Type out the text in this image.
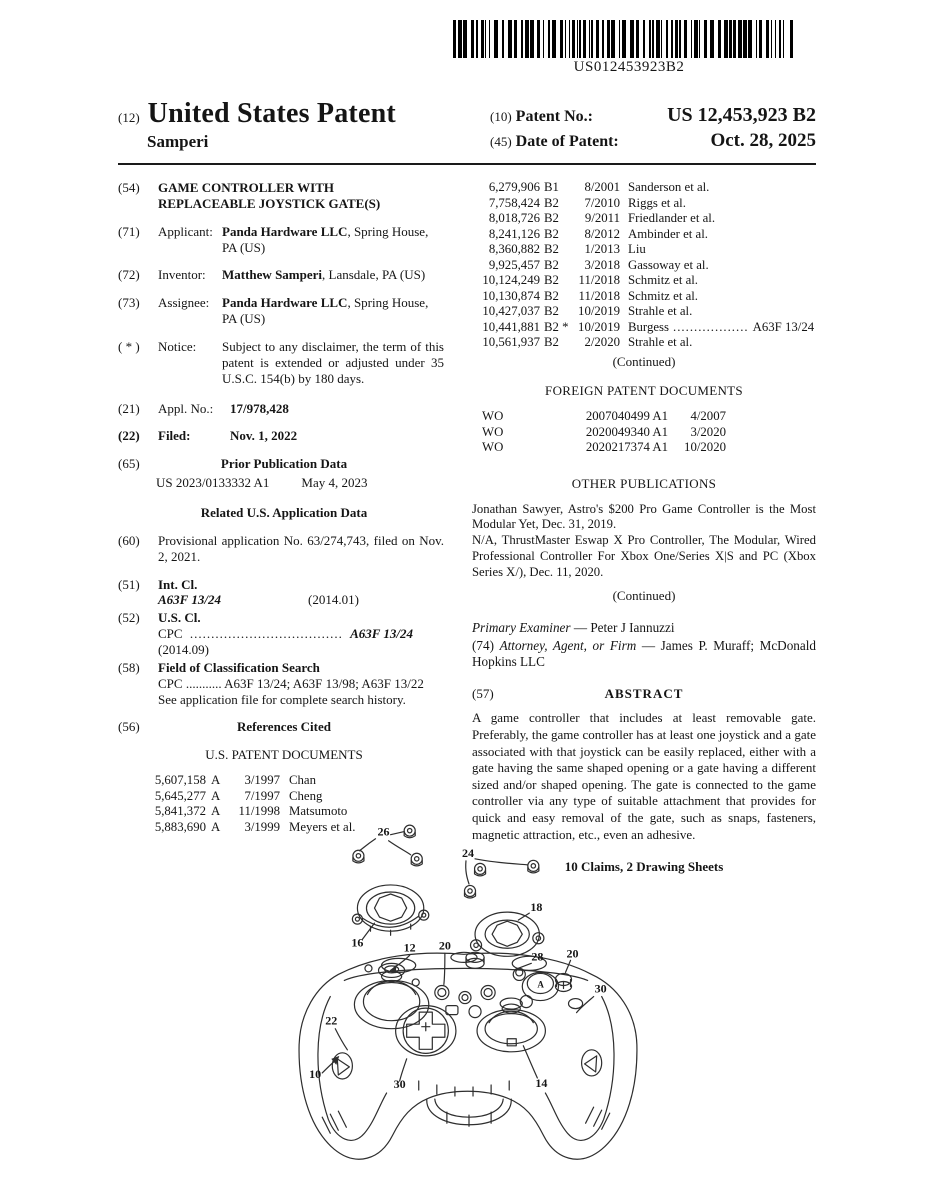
US012453923B2
(12) United States Patent
Samperi
(10) Patent No.:	US 12,453,923 B2
(45) Date of Patent:	Oct. 28, 2025
(54)	GAME CONTROLLER WITH REPLACEABLE JOYSTICK GATE(S)
(71)	Applicant: Panda Hardware LLC, Spring House, PA (US)
(72)	Inventor:	Matthew Samperi, Lansdale, PA (US)
(73)	Assignee: Panda Hardware LLC, Spring House, PA (US)
( * )	Notice:	Subject to any disclaimer, the term of this patent is extended or adjusted under 35 U.S.C. 154(b) by 180 days.
(21)	Appl. No.:	17/978,428
(22)	Filed:	Nov. 1, 2022
(65)	Prior Publication Data
US 2023/0133332 A1 May 4, 2023
Related U.S. Application Data
(60)	Provisional application No. 63/274,743, filed on Nov. 2, 2021.
(51)	Int. Cl.
A63F 13/24	(2014.01)
(52)	U.S. Cl.
CPC .................................... A63F 13/24 (2014.09)
(58)	Field of Classification Search
CPC ........... A63F 13/24; A63F 13/98; A63F 13/22
See application file for complete search history.
(56)	References Cited
U.S. PATENT DOCUMENTS
5,607,158 A	3/1997 Chan
5,645,277 A	7/1997 Cheng
5,841,372 A	11/1998 Matsumoto
5,883,690 A	3/1999 Meyers et al.
6,279,906 B1	8/2001 Sanderson et al.
7,758,424 B2	7/2010 Riggs et al.
8,018,726 B2	9/2011 Friedlander et al.
8,241,126 B2	8/2012 Ambinder et al.
8,360,882 B2	1/2013 Liu
9,925,457 B2	3/2018 Gassoway et al.
10,124,249 B2	11/2018 Schmitz et al.
10,130,874 B2	11/2018 Schmitz et al.
10,427,037 B2	10/2019 Strahle et al.
10,441,881 B2 * 10/2019 Burgess .................. A63F 13/24
10,561,937 B2	2/2020 Strahle et al.
(Continued)
FOREIGN PATENT DOCUMENTS
WO	2007040499 A1	4/2007
WO	2020049340 A1	3/2020
WO	2020217374 A1	10/2020
OTHER PUBLICATIONS

Jonathan Sawyer, Astro's $200 Pro Game Controller is the Most Modular Yet, Dec. 31, 2019.

N/A, ThrustMaster Eswap X Pro Controller, The Modular, Wired Professional Controller For Xbox One/Series X|S and PC (Xbox Series X/), Dec. 11, 2020.

(Continued)

Primary Examiner — Peter J Iannuzzi

(74) Attorney, Agent, or Firm — James P. Muraff; McDonald Hopkins LLC

(57)	ABSTRACT

A game controller that includes at least removable gate. Preferably, the game controller has at least one joystick and a gate associated with that joystick can be easily replaced, either with a gate having the same shaped opening or a gate having a different sized and/or shaped opening. The gate is connected to the game controller via any type of suitable attachment that provides for quick and easy removal of the gate, such as snaps, fasteners, magnetic attraction, etc., even an adhesive.

10 Claims, 2 Drawing Sheets
A
26
24
16
18
12 20
28 20
30
22
10
30	14
